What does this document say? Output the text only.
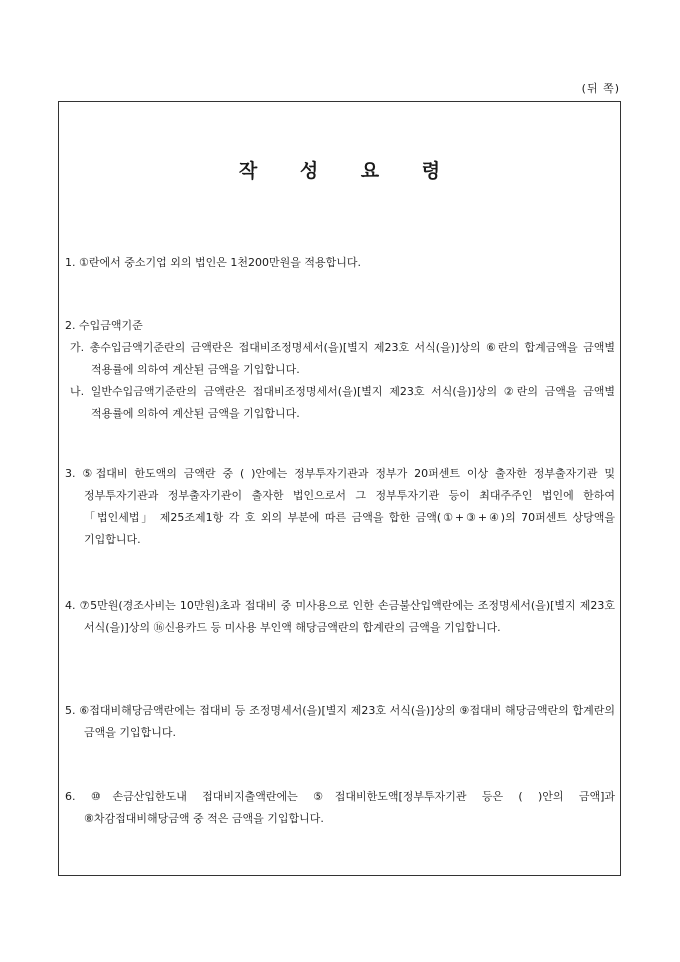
(뒤 쪽)
작 성 요 령

1. ①란에서 중소기업 외의 법인은 1천200만원을 적용합니다.

2. 수입금액기준

가. 총수입금액기준란의 금액란은 접대비조정명세서(을)[별지 제23호 서식(을)]상의 ⑥란의 합계금액을 금액별 적용률에 의하여 계산된 금액을 기입합니다.

나. 일반수입금액기준란의 금액란은 접대비조정명세서(을)[별지 제23호 서식(을)]상의 ②란의 금액을 금액별 적용률에 의하여 계산된 금액을 기입합니다.

3. ⑤접대비 한도액의 금액란 중 ( )안에는 정부투자기관과 정부가 20퍼센트 이상 출자한 정부출자기관 및 정부투자기관과 정부출자기관이 출자한 법인으로서 그 정부투자기관 등이 최대주주인 법인에 한하여 「법인세법」 제25조제1항 각 호 외의 부분에 따른 금액을 합한 금액(①+③+④)의 70퍼센트 상당액을 기입합니다.

4. ⑦5만원(경조사비는 10만원)초과 접대비 중 미사용으로 인한 손금불산입액란에는 조정명세서(을)[별지 제23호 서식(을)]상의 ⑯신용카드 등 미사용 부인액 해당금액란의 합계란의 금액을 기입합니다.

5. ⑥접대비해당금액란에는 접대비 등 조정명세서(을)[별지 제23호 서식(을)]상의 ⑨접대비 해당금액란의 합계란의 금액을 기입합니다.

6. ⑩손금산입한도내 접대비지출액란에는 ⑤접대비한도액[정부투자기관 등은 ( )안의 금액]과 ⑧차감접대비해당금액 중 적은 금액을 기입합니다.
